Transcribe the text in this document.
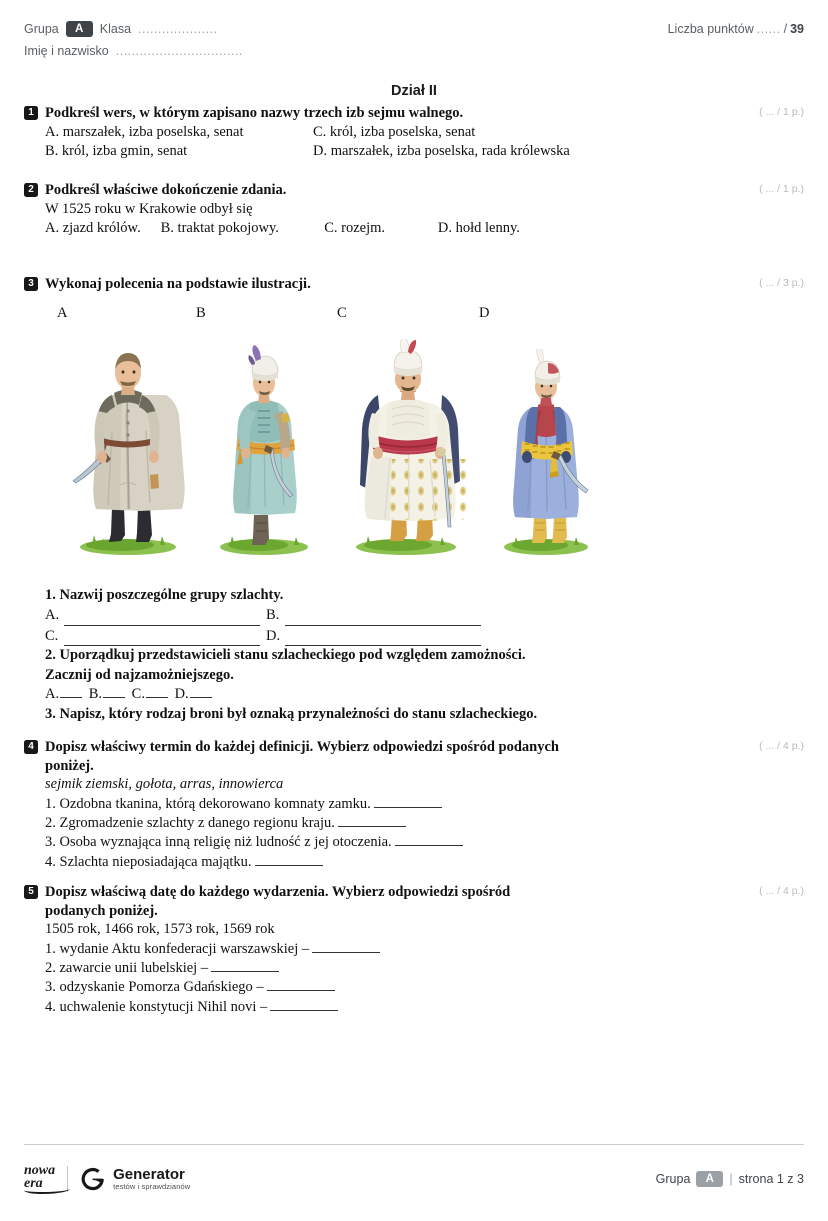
Grupa	A	Klasa ....................	Liczba punktów ...... / 39
Imię i nazwisko ................................
Dział II
1 Podkreśl wers, w którym zapisano nazwy trzech izb sejmu walnego.	( ... / 1 p.)
A. marszałek, izba poselska, senat	C. król, izba poselska, senat
B. król, izba gmin, senat	D. marszałek, izba poselska, rada królewska
2 Podkreśl właściwe dokończenie zdania.	( ... / 1 p.)
W 1525 roku w Krakowie odbył się
A. zjazd królów. B. traktat pokojowy.	C. rozejm.	D. hołd lenny.
3 Wykonaj polecenia na podstawie ilustracji.	( ... / 3 p.)
A	B	C	D
1. Nazwij poszczególne grupy szlachty.
A.	B.
C.	D.
2. Uporządkuj przedstawicieli stanu szlacheckiego pod względem zamożności.
Zacznij od najzamożniejszego.
A. B. C. D.
3. Napisz, który rodzaj broni był oznaką przynależności do stanu szlacheckiego.
4 Dopisz właściwy termin do każdej definicji. Wybierz odpowiedzi spośród podanych
poniżej.
( ... / 4 p.)
sejmik ziemski, gołota, arras, innowierca
1. Ozdobna tkanina, którą dekorowano komnaty zamku.
2. Zgromadzenie szlachty z danego regionu kraju.
3. Osoba wyznająca inną religię niż ludność z jej otoczenia.
4. Szlachta nieposiadająca majątku.
5 Dopisz właściwą datę do każdego wydarzenia. Wybierz odpowiedzi spośród
podanych poniżej.
( ... / 4 p.)
1505 rok, 1466 rok, 1573 rok, 1569 rok
1. wydanie Aktu konfederacji warszawskiej –
2. zawarcie unii lubelskiej –
3. odzyskanie Pomorza Gdańskiego –
4. uchwalenie konstytucji Nihil novi –
nowa
era
Generator
testów i sprawdzianów
Grupa	A	| strona 1 z 3
